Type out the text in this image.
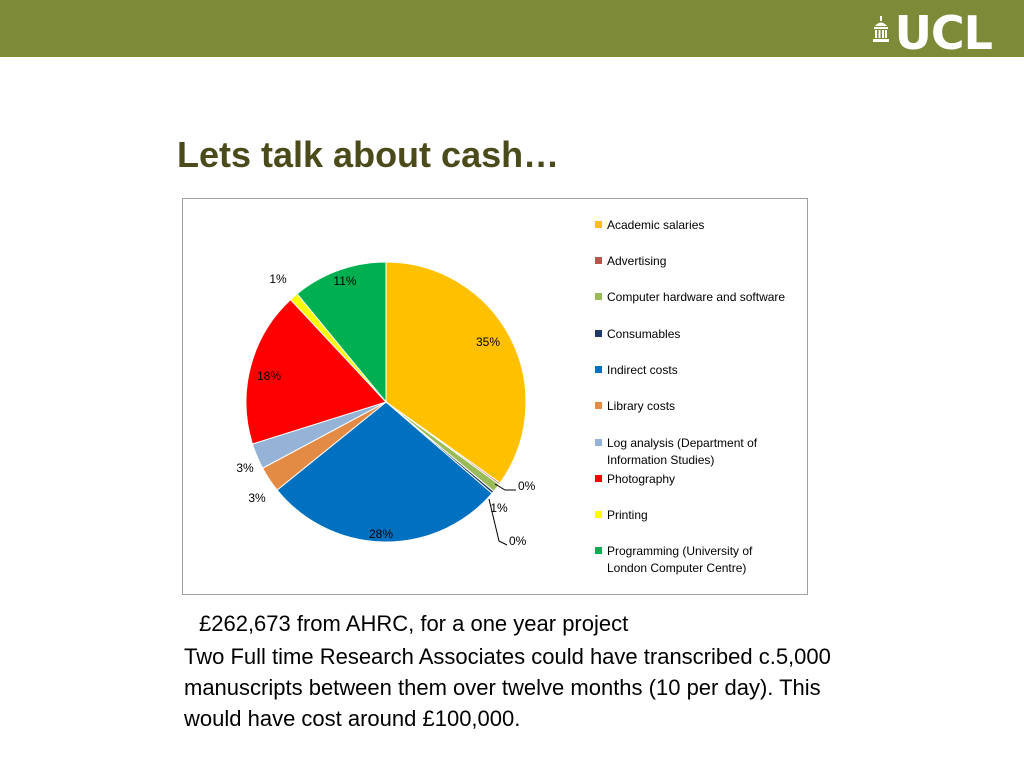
UCL
Lets talk about cash…
35%
0%
1%
0%
28%
3%
3%
18%
1%	11%
Academic salaries
Advertising
Computer hardware and software
Consumables
Indirect costs
Library costs
Log analysis (Department of
Information Studies)
Photography
Printing
Programming (University of
London Computer Centre)
£262,673 from AHRC, for a one year project
Two Full time Research Associates could have transcribed c.5,000 manuscripts between them over twelve months (10 per day). This would have cost around £100,000.
